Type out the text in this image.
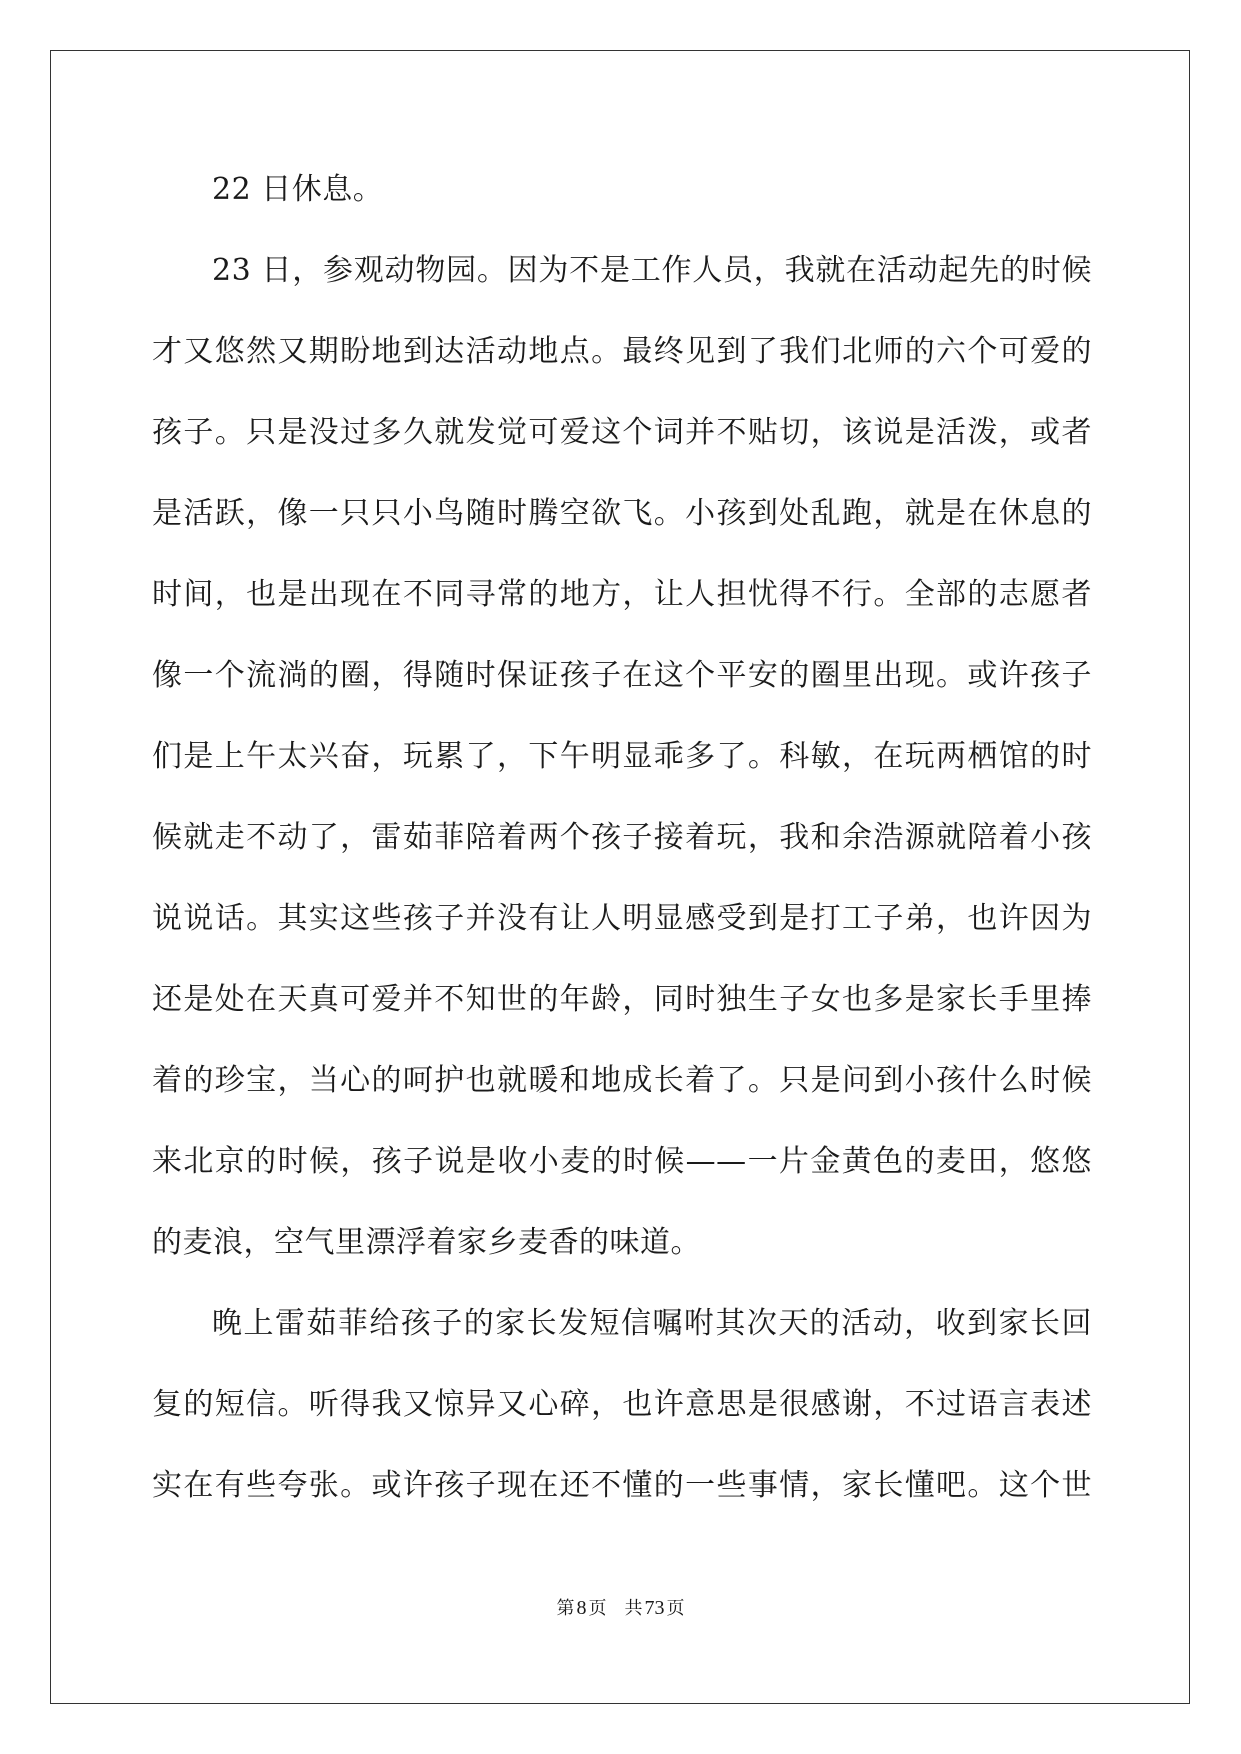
22 日休息。
23 日，参观动物园。因为不是工作人员，我就在活动起先的时候
才又悠然又期盼地到达活动地点。最终见到了我们北师的六个可爱的
孩子。只是没过多久就发觉可爱这个词并不贴切，该说是活泼，或者
是活跃，像一只只小鸟随时腾空欲飞。小孩到处乱跑，就是在休息的
时间，也是出现在不同寻常的地方，让人担忧得不行。全部的志愿者
像一个流淌的圈，得随时保证孩子在这个平安的圈里出现。或许孩子
们是上午太兴奋，玩累了，下午明显乖多了。科敏，在玩两栖馆的时
候就走不动了，雷茹菲陪着两个孩子接着玩，我和余浩源就陪着小孩
说说话。其实这些孩子并没有让人明显感受到是打工子弟，也许因为
还是处在天真可爱并不知世的年龄，同时独生子女也多是家长手里捧
着的珍宝，当心的呵护也就暖和地成长着了。只是问到小孩什么时候
来北京的时候，孩子说是收小麦的时候——一片金黄色的麦田，悠悠
的麦浪，空气里漂浮着家乡麦香的味道。
晚上雷茹菲给孩子的家长发短信嘱咐其次天的活动，收到家长回
复的短信。听得我又惊异又心碎，也许意思是很感谢，不过语言表述
实在有些夸张。或许孩子现在还不懂的一些事情，家长懂吧。这个世
第 8 页 共 73 页
